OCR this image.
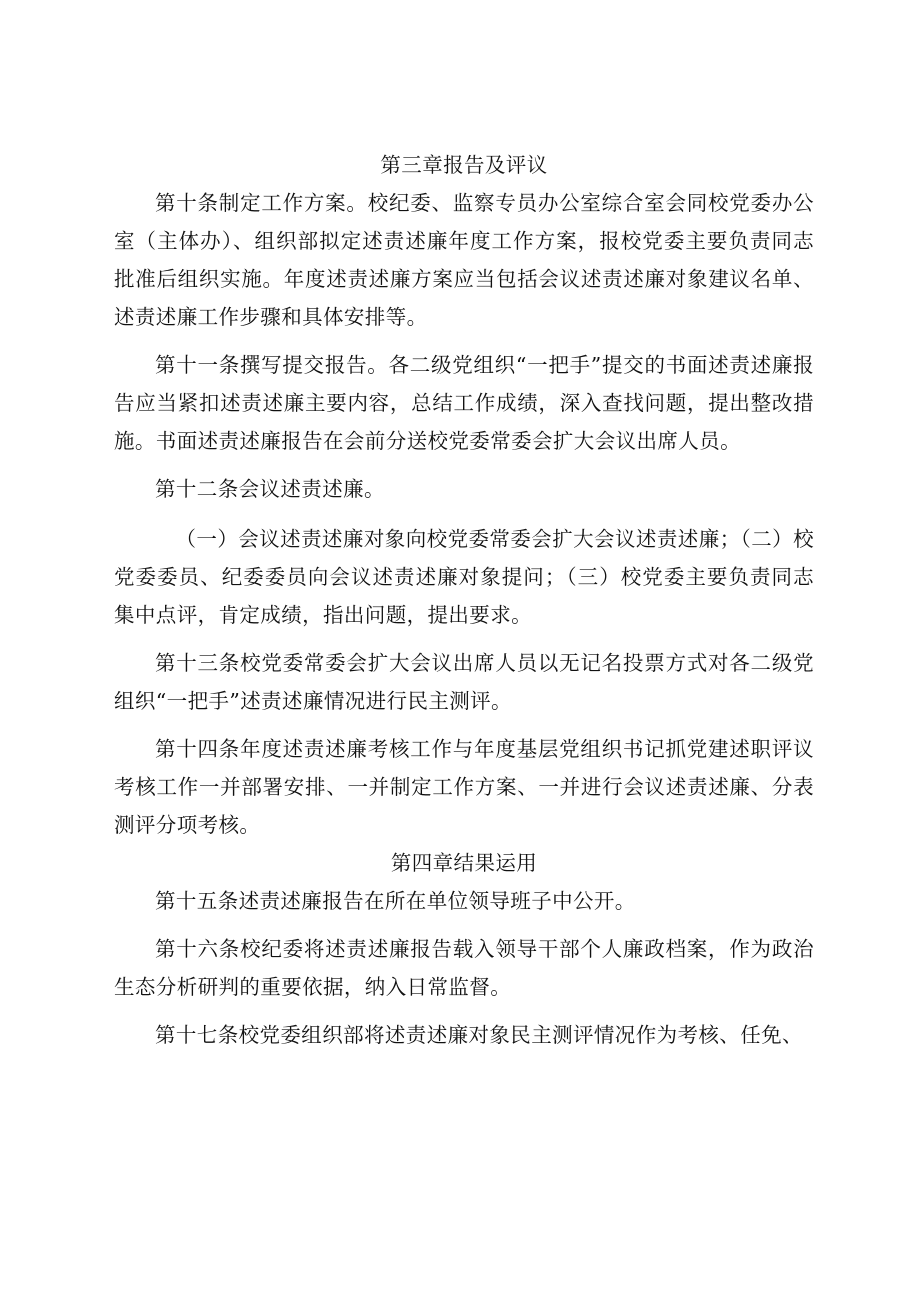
第三章报告及评议

第十条制定工作方案。校纪委、监察专员办公室综合室会同校党委办公室（主体办）、组织部拟定述责述廉年度工作方案，报校党委主要负责同志批准后组织实施。年度述责述廉方案应当包括会议述责述廉对象建议名单、述责述廉工作步骤和具体安排等。

第十一条撰写提交报告。各二级党组织“一把手”提交的书面述责述廉报告应当紧扣述责述廉主要内容，总结工作成绩，深入查找问题，提出整改措施。书面述责述廉报告在会前分送校党委常委会扩大会议出席人员。

第十二条会议述责述廉。

（一）会议述责述廉对象向校党委常委会扩大会议述责述廉；（二）校党委委员、纪委委员向会议述责述廉对象提问；（三）校党委主要负责同志集中点评，肯定成绩，指出问题，提出要求。

第十三条校党委常委会扩大会议出席人员以无记名投票方式对各二级党组织“一把手”述责述廉情况进行民主测评。

第十四条年度述责述廉考核工作与年度基层党组织书记抓党建述职评议考核工作一并部署安排、一并制定工作方案、一并进行会议述责述廉、分表测评分项考核。

第四章结果运用

第十五条述责述廉报告在所在单位领导班子中公开。

第十六条校纪委将述责述廉报告载入领导干部个人廉政档案，作为政治生态分析研判的重要依据，纳入日常监督。

第十七条校党委组织部将述责述廉对象民主测评情况作为考核、任免、
